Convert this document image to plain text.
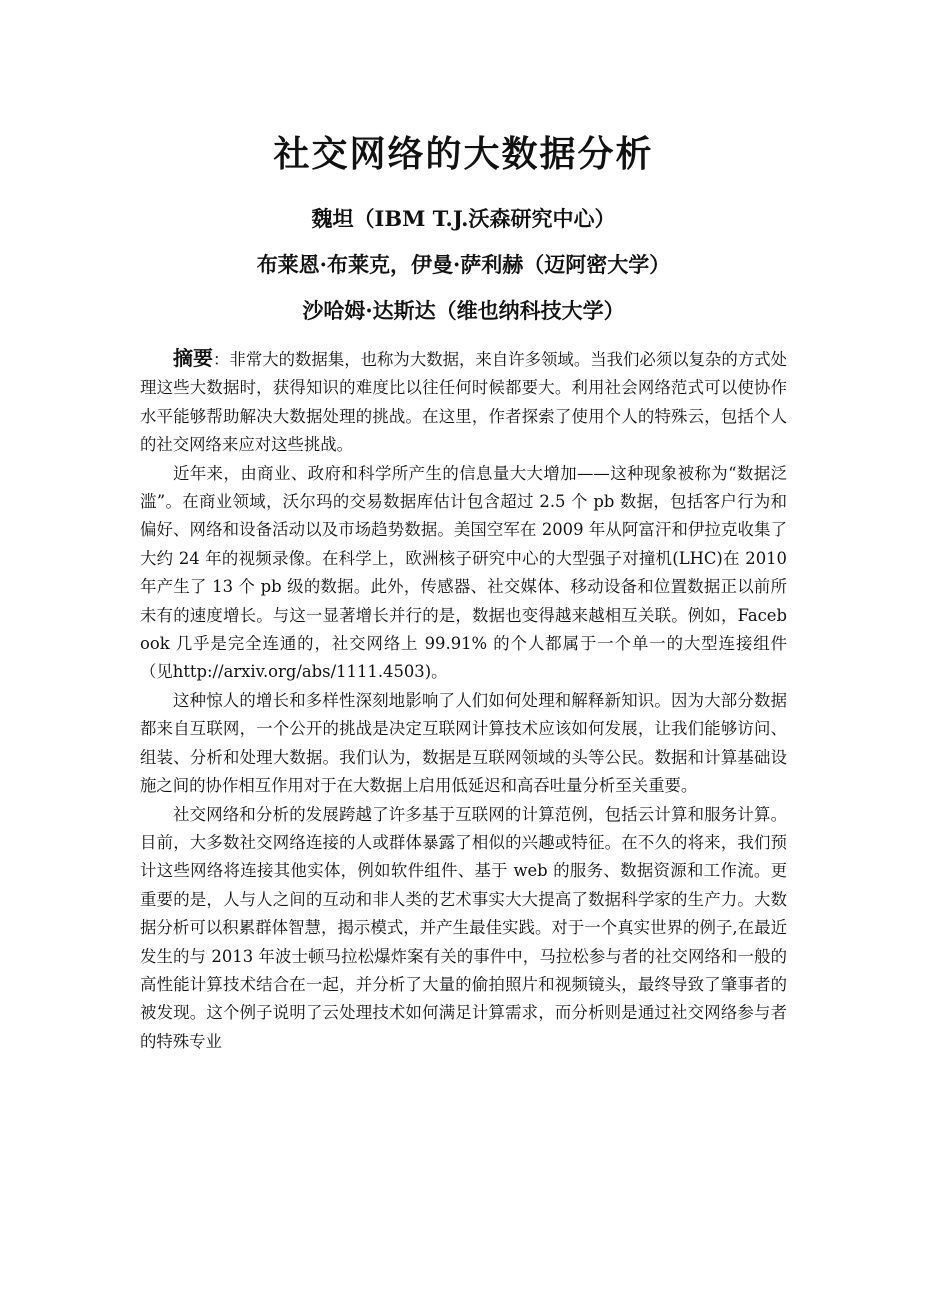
社交网络的大数据分析

魏坦（IBM T.J.沃森研究中心）

布莱恩·布莱克，伊曼·萨利赫（迈阿密大学）

沙哈姆·达斯达（维也纳科技大学）

摘要：非常大的数据集，也称为大数据，来自许多领域。当我们必须以复杂的方式处理这些大数据时，获得知识的难度比以往任何时候都要大。利用社会网络范式可以使协作水平能够帮助解决大数据处理的挑战。在这里，作者探索了使用个人的特殊云，包括个人的社交网络来应对这些挑战。

近年来，由商业、政府和科学所产生的信息量大大增加——这种现象被称为“数据泛滥”。在商业领域，沃尔玛的交易数据库估计包含超过 2.5 个 pb 数据，包括客户行为和偏好、网络和设备活动以及市场趋势数据。美国空军在 2009 年从阿富汗和伊拉克收集了大约 24 年的视频录像。在科学上，欧洲核子研究中心的大型强子对撞机(LHC)在 2010 年产生了 13 个 pb 级的数据。此外，传感器、社交媒体、移动设备和位置数据正以前所未有的速度增长。与这一显著增长并行的是，数据也变得越来越相互关联。例如，Facebook 几乎是完全连通的，社交网络上 99.91% 的个人都属于一个单一的大型连接组件（见http://arxiv.org/abs/1111.4503)。

这种惊人的增长和多样性深刻地影响了人们如何处理和解释新知识。因为大部分数据都来自互联网，一个公开的挑战是决定互联网计算技术应该如何发展，让我们能够访问、组装、分析和处理大数据。我们认为，数据是互联网领域的头等公民。数据和计算基础设施之间的协作相互作用对于在大数据上启用低延迟和高吞吐量分析至关重要。

社交网络和分析的发展跨越了许多基于互联网的计算范例，包括云计算和服务计算。目前，大多数社交网络连接的人或群体暴露了相似的兴趣或特征。在不久的将来，我们预计这些网络将连接其他实体，例如软件组件、基于 web 的服务、数据资源和工作流。更重要的是，人与人之间的互动和非人类的艺术事实大大提高了数据科学家的生产力。大数据分析可以积累群体智慧，揭示模式，并产生最佳实践。对于一个真实世界的例子,在最近发生的与 2013 年波士顿马拉松爆炸案有关的事件中，马拉松参与者的社交网络和一般的高性能计算技术结合在一起，并分析了大量的偷拍照片和视频镜头，最终导致了肇事者的被发现。这个例子说明了云处理技术如何满足计算需求，而分析则是通过社交网络参与者的特殊专业
